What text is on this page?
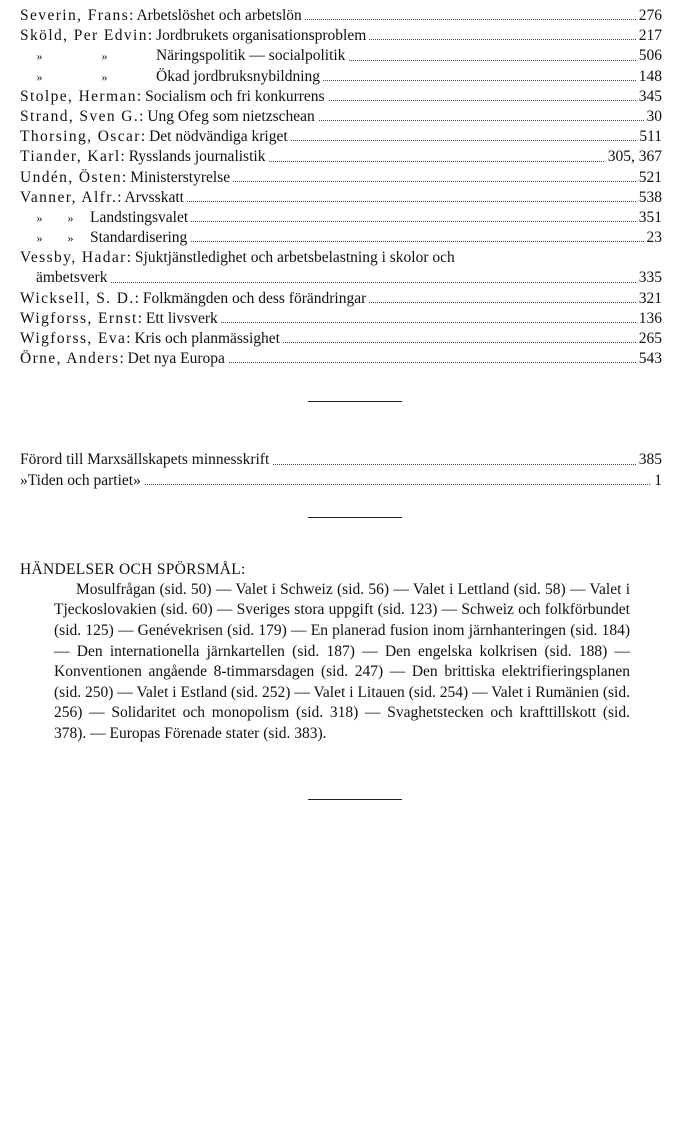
Severin, Frans: Arbetslöshet och arbetslön	276
Sköld, Per Edvin: Jordbrukets organisationsproblem	217
»	»	Näringspolitik — socialpolitik	506
»	»	Ökad jordbruksnybildning	148
Stolpe, Herman: Socialism och fri konkurrens	345
Strand, Sven G.: Ung Ofeg som nietzschean	30
Thorsing, Oscar: Det nödvändiga kriget	511
Tiander, Karl: Rysslands journalistik	305, 367
Undén, Östen: Ministerstyrelse	521
Vanner, Alfr.: Arvsskatt	538
» » Landstingsvalet	351
» » Standardisering	23
Vessby, Hadar: Sjuktjänstledighet och arbetsbelastning i skolor och
ämbetsverk	335
Wicksell, S. D.: Folkmängden och dess förändringar	321
Wigforss, Ernst: Ett livsverk	136
Wigforss, Eva: Kris och planmässighet	265
Örne, Anders: Det nya Europa	543
Förord till Marxsällskapets minnesskrift	385
»Tiden och partiet»	1
HÄNDELSER OCH SPÖRSMÅL:

Mosulfrågan (sid. 50) — Valet i Schweiz (sid. 56) — Valet i Lettland (sid. 58) — Valet i Tjeckoslovakien (sid. 60) — Sveriges stora uppgift (sid. 123) — Schweiz och folkförbundet (sid. 125) — Genévekrisen (sid. 179) — En planerad fusion inom järnhanteringen (sid. 184) — Den internationella järnkartellen (sid. 187) — Den engelska kolkrisen (sid. 188) — Konventionen angående 8-timmarsdagen (sid. 247) — Den brittiska elektrifieringsplanen (sid. 250) — Valet i Estland (sid. 252) — Valet i Litauen (sid. 254) — Valet i Rumänien (sid. 256) — Solidaritet och monopolism (sid. 318) — Svaghetstecken och krafttillskott (sid. 378). — Europas Förenade stater (sid. 383).
